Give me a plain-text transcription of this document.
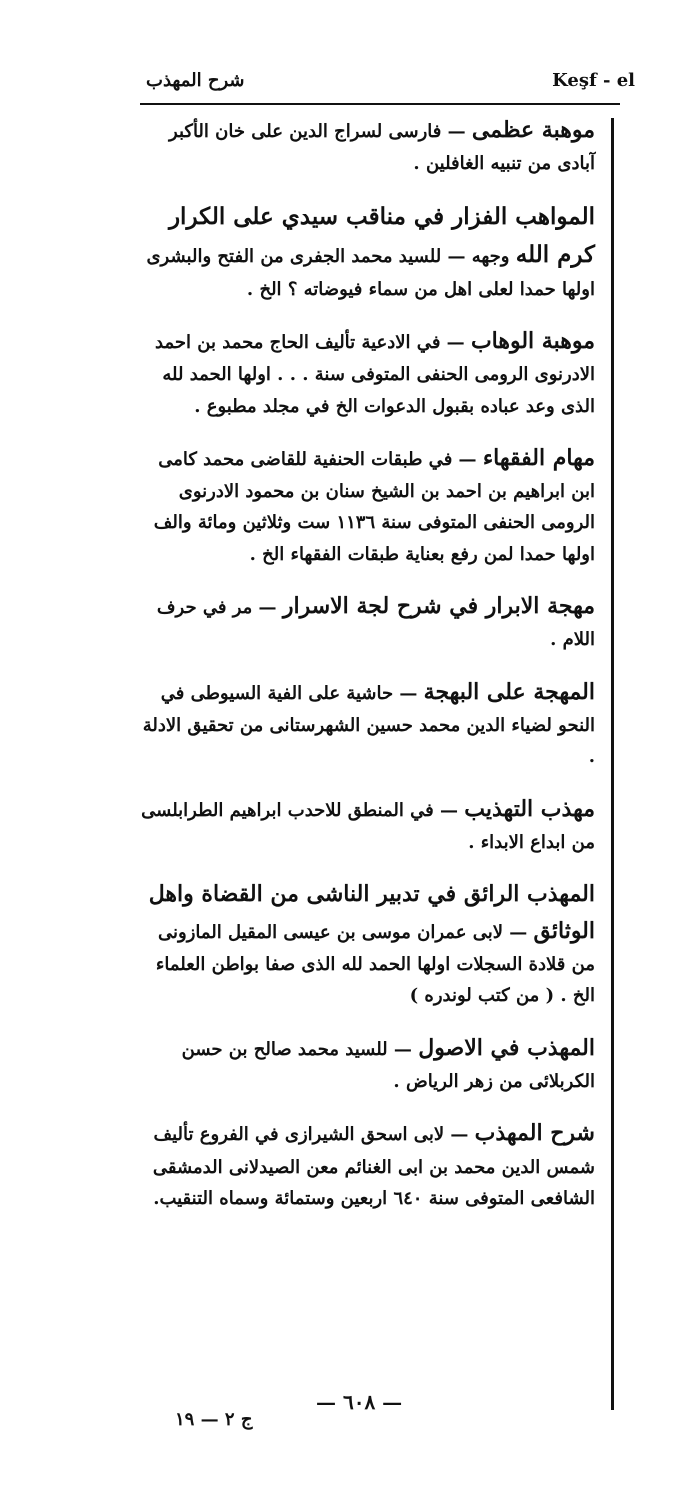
شرح المهذب	Keşf - el

موهبة عظمى — فارسى لسراج الدين على خان الأكبر آبادى من تنبيه الغافلين .

المواهب الفزار في مناقب سيدي على الكرار كرم الله وجهه — للسيد محمد الجفرى من الفتح والبشرى اولها حمدا لعلى اهل من سماء فيوضاته ؟ الخ .

موهبة الوهاب — في الادعية تأليف الحاج محمد بن احمد الادرنوى الرومى الحنفى المتوفى سنة . . . اولها الحمد لله الذى وعد عباده بقبول الدعوات الخ في مجلد مطبوع .

مهام الفقهاء — في طبقات الحنفية للقاضى محمد كامى ابن ابراهيم بن احمد بن الشيخ سنان بن محمود الادرنوى الرومى الحنفى المتوفى سنة ١١٣٦ ست وثلاثين ومائة والف اولها حمدا لمن رفع بعناية طبقات الفقهاء الخ .

مهجة الابرار في شرح لجة الاسرار — مر في حرف اللام .

المهجة على البهجة — حاشية على الفية السيوطى في النحو لضياء الدين محمد حسين الشهرستانى من تحقيق الادلة .

مهذب التهذيب — في المنطق للاحدب ابراهيم الطرابلسى من ابداع الابداء .

المهذب الرائق في تدبير الناشى من القضاة واهل الوثائق — لابى عمران موسى بن عيسى المقيل المازونى من قلادة السجلات اولها الحمد لله الذى صفا بواطن العلماء الخ . ( من كتب لوندره )

المهذب في الاصول — للسيد محمد صالح بن حسن الكربلائى من زهر الرياض .

شرح المهذب — لابى اسحق الشيرازى في الفروع تأليف شمس الدين محمد بن ابى الغنائم معن الصيدلانى الدمشقى الشافعى المتوفى سنة ٦٤٠ اربعين وستمائة وسماه التنقيب.

— ٦٠٨ —
ج ٢ — ١٩
